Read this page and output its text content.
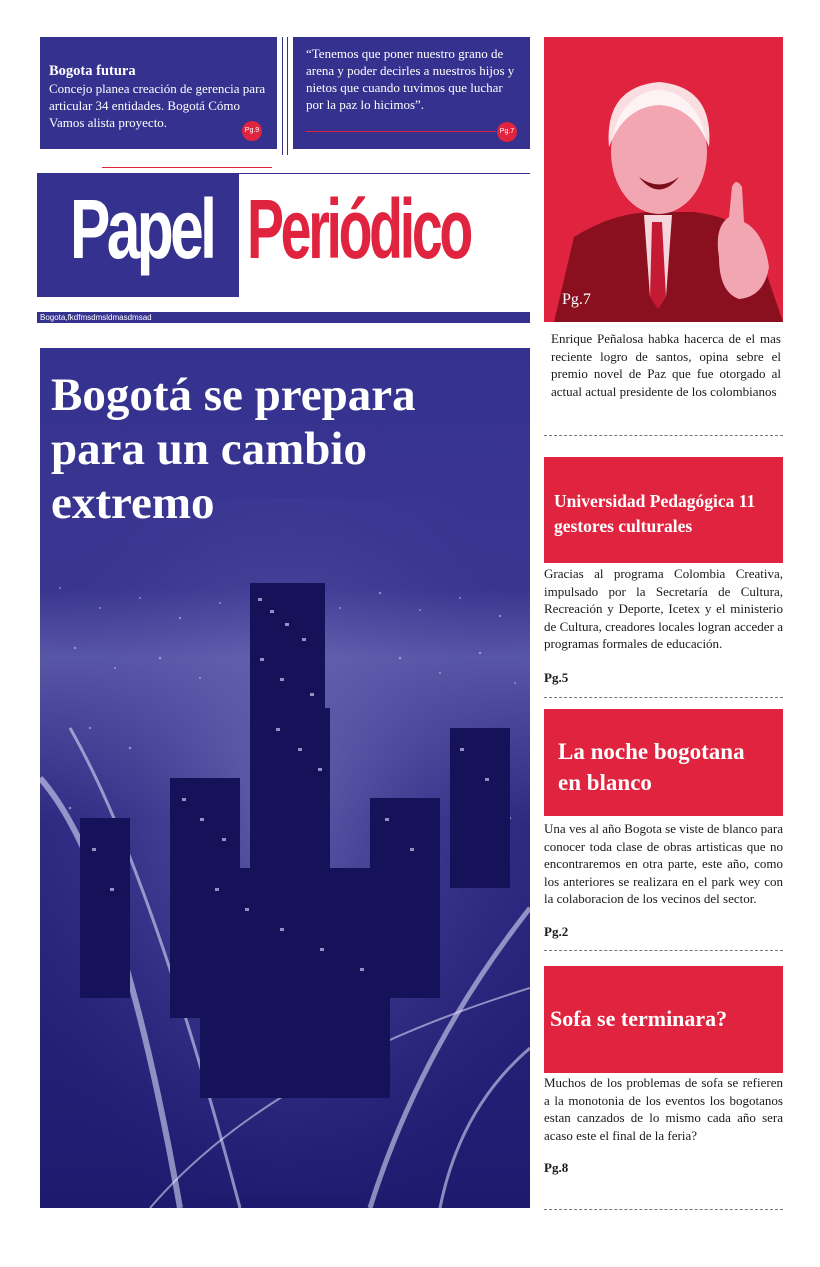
Bogota futura
Concejo planea creación de gerencia para articular 34 entidades. Bogotá Cómo Vamos alista proyecto.
Pg.9
“Tenemos que poner nuestro grano de arena y poder decirles a nuestros hijos y nietos que cuando tuvimos que luchar por la paz lo hicimos”.
Pg.7
Papel Periódico
Bogota,fkdfmsdmsldmasdmsad
Bogotá se prepara para un cambio extremo
Pg.7
Enrique Peñalosa habka hacerca de el mas reciente logro de santos, opina sebre el premio novel de Paz que fue otorgado al actual actual presidente de los colombianos
Universidad Pedagógica 11 gestores culturales
Gracias al programa Colombia Creativa, impulsado por la Secretaría de Cultura, Recreación y Deporte, Icetex y el ministerio de Cultura, creadores locales logran acceder a programas formales de educación.
Pg.5
La noche bogotana en blanco
Una ves al año Bogota se viste de blanco para conocer toda clase de obras artisticas que no encontraremos en otra parte, este año, como los anteriores se realizara en el park wey con la colaboracion de los vecinos del sector.
Pg.2
Sofa se terminara?
Muchos de los problemas de sofa se refieren a la monotonia de los eventos los bogotanos estan canzados de lo mismo cada año sera acaso este el final de la feria?
Pg.8
